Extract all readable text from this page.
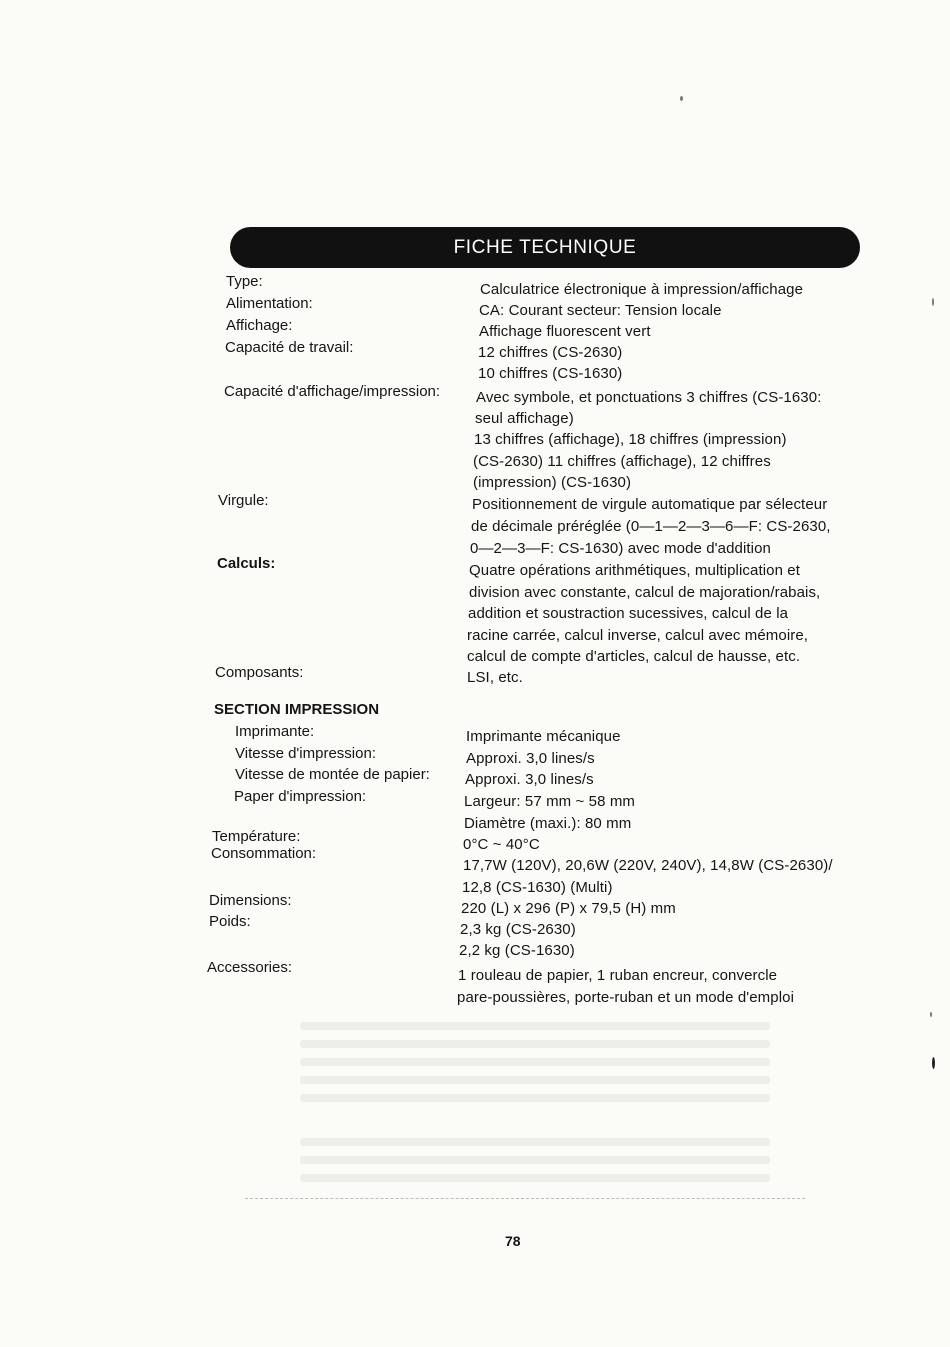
FICHE TECHNIQUE
Type:	Calculatrice électronique à impression/affichage
Alimentation:	CA: Courant secteur: Tension locale
Affichage:	Affichage fluorescent vert
Capacité de travail:	12 chiffres (CS-2630)
10 chiffres (CS-1630)
Capacité d'affichage/impression: Avec symbole, et ponctuations 3 chiffres (CS-1630:
seul affichage)
13 chiffres (affichage), 18 chiffres (impression)
(CS-2630) 11 chiffres (affichage), 12 chiffres
(impression) (CS-1630)
Virgule:	Positionnement de virgule automatique par sélecteur
de décimale préréglée (0—1—2—3—6—F: CS-2630,
0—2—3—F: CS-1630) avec mode d'addition
Calculs:	Quatre opérations arithmétiques, multiplication et
division avec constante, calcul de majoration/rabais,
addition et soustraction sucessives, calcul de la
racine carrée, calcul inverse, calcul avec mémoire,
calcul de compte d'articles, calcul de hausse, etc.
Composants:	LSI, etc.
SECTION IMPRESSION
Imprimante:	Imprimante mécanique
Vitesse d'impression:	Approxi. 3,0 lines/s
Vitesse de montée de papier: Approxi. 3,0 lines/s
Paper d'impression:	Largeur: 57 mm ~ 58 mm
Diamètre (maxi.): 80 mm
Température:	0°C ~ 40°C
Consommation:
17,7W (120V), 20,6W (220V, 240V), 14,8W (CS-2630)/
12,8 (CS-1630) (Multi)
Dimensions:	220 (L) x 296 (P) x 79,5 (H) mm
Poids:	2,3 kg (CS-2630)
2,2 kg (CS-1630)
Accessories:	1 rouleau de papier, 1 ruban encreur, convercle
pare-poussières, porte-ruban et un mode d'emploi
78
